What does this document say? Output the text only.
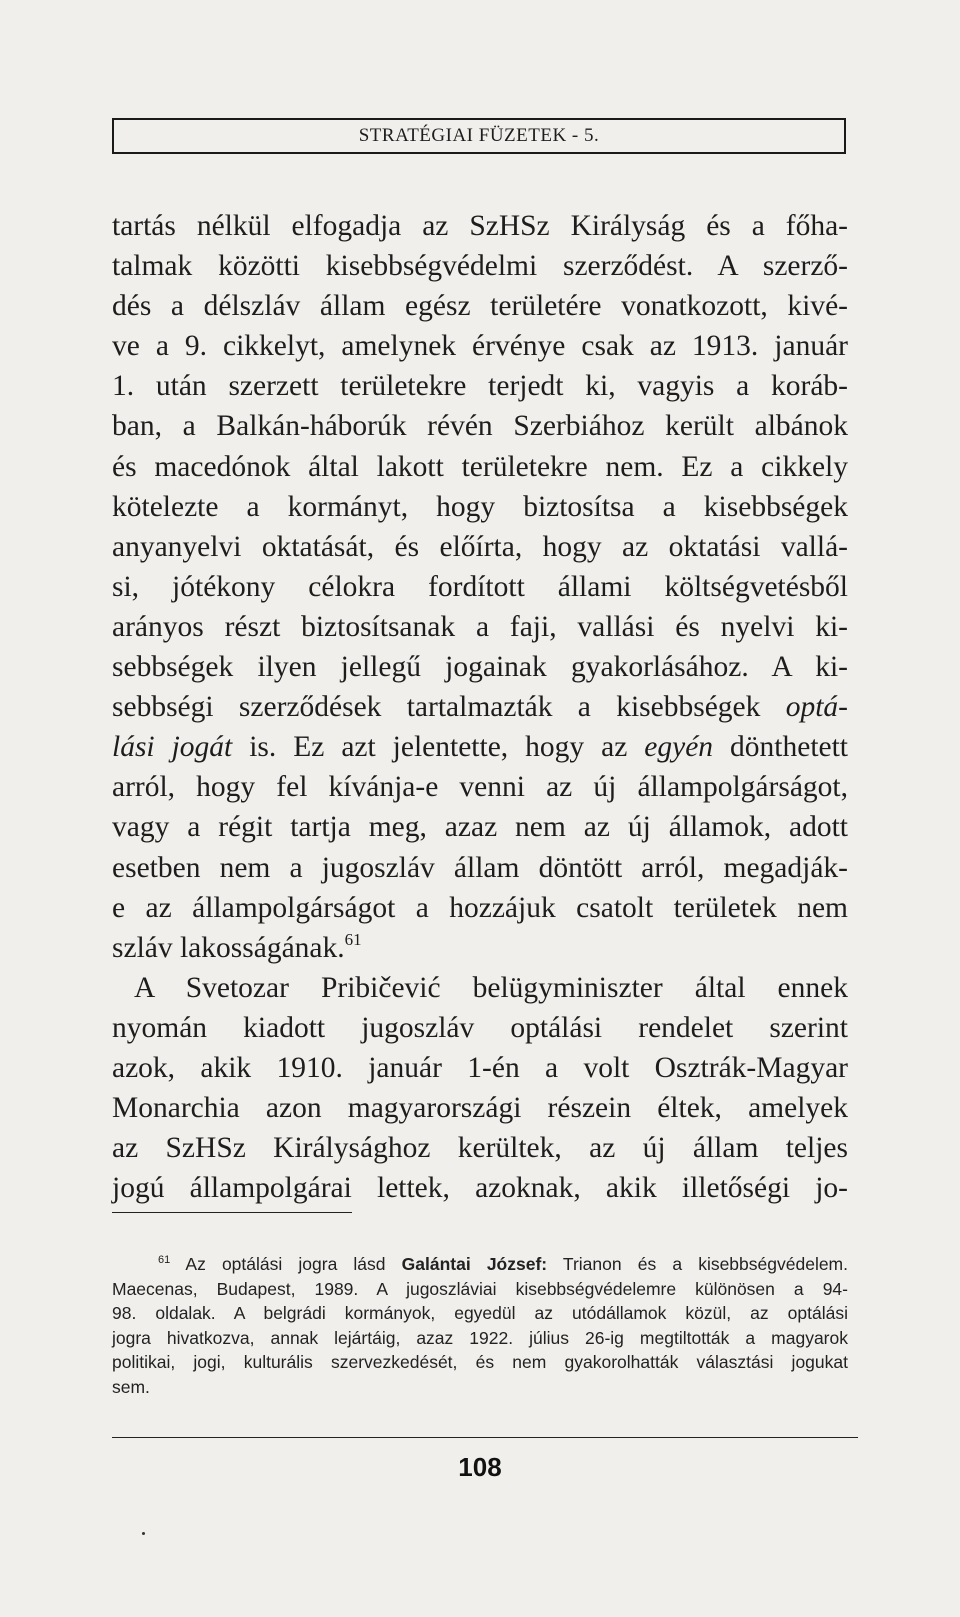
STRATÉGIAI FÜZETEK - 5.
tartás nélkül elfogadja az SzHSz Királyság és a főha-
talmak közötti kisebbségvédelmi szerződést. A szerző-
dés a délszláv állam egész területére vonatkozott, kivé-
ve a 9. cikkelyt, amelynek érvénye csak az 1913. január
1. után szerzett területekre terjedt ki, vagyis a koráb-
ban, a Balkán-háborúk révén Szerbiához került albánok
és macedónok által lakott területekre nem. Ez a cikkely
kötelezte a kormányt, hogy biztosítsa a kisebbségek
anyanyelvi oktatását, és előírta, hogy az oktatási vallá-
si, jótékony célokra fordított állami költségvetésből
arányos részt biztosítsanak a faji, vallási és nyelvi ki-
sebbségek ilyen jellegű jogainak gyakorlásához. A ki-
sebbségi szerződések tartalmazták a kisebbségek optá-
lási jogát is. Ez azt jelentette, hogy az egyén dönthetett
arról, hogy fel kívánja-e venni az új állampolgárságot,
vagy a régit tartja meg, azaz nem az új államok, adott
esetben nem a jugoszláv állam döntött arról, megadják-
e az állampolgárságot a hozzájuk csatolt területek nem
szláv lakosságának.$^{61}$
A Svetozar Pribičević belügyminiszter által ennek
nyomán kiadott jugoszláv optálási rendelet szerint
azok, akik 1910. január 1-én a volt Osztrák-Magyar
Monarchia azon magyarországi részein éltek, amelyek
az SzHSz Királysághoz kerültek, az új állam teljes
jogú állampolgárai lettek, azoknak, akik illetőségi jo-
$^{61}$ Az optálási jogra lásd Galántai József: Trianon és a kisebbségvédelem.
Maecenas, Budapest, 1989. A jugoszláviai kisebbségvédelemre különösen a 94-
98. oldalak. A belgrádi kormányok, egyedül az utódállamok közül, az optálási
jogra hivatkozva, annak lejártáig, azaz 1922. július 26-ig megtiltották a magyarok
politikai, jogi, kulturális szervezkedését, és nem gyakorolhatták választási jogukat
sem.
108
